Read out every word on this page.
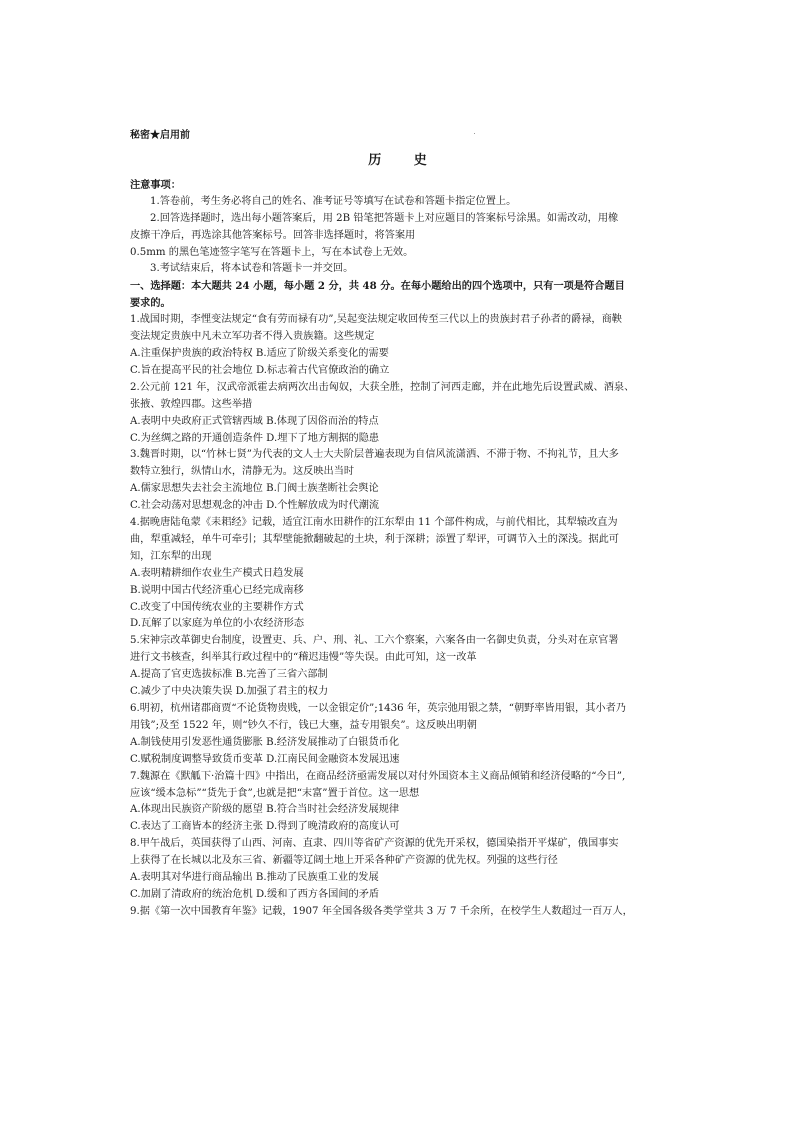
秘密★启用前
历 史
注意事项：
1.答卷前，考生务必将自己的姓名、准考证号等填写在试卷和答题卡指定位置上。
2.回答选择题时，选出每小题答案后，用 2B 铅笔把答题卡上对应题目的答案标号涂黑。如需改动，用橡
皮擦干净后，再选涂其他答案标号。回答非选择题时，将答案用
0.5mm 的黑色笔迹签字笔写在答题卡上，写在本试卷上无效。
3.考试结束后，将本试卷和答题卡一并交回。
一、选择题：本大题共 24 小题，每小题 2 分，共 48 分。在每小题给出的四个选项中，只有一项是符合题目
要求的。
1.战国时期，李悝变法规定“食有劳而禄有功”,吴起变法规定收回传至三代以上的贵族封君子孙者的爵禄，商鞅
变法规定贵族中凡未立军功者不得入贵族籍。这些规定
A.注重保护贵族的政治特权 B.适应了阶级关系变化的需要
C.旨在提高平民的社会地位 D.标志着古代官僚政治的确立
2.公元前 121 年，汉武帝派霍去病两次出击匈奴，大获全胜，控制了河西走廊，并在此地先后设置武威、酒泉、
张掖、敦煌四郡。这些举措
A.表明中央政府正式管辖西域 B.体现了因俗而治的特点
C.为丝绸之路的开通创造条件 D.埋下了地方割据的隐患
3.魏晋时期，以“竹林七贤”为代表的文人士大夫阶层普遍表现为自信风流潇洒、不滞于物、不拘礼节，且大多
数特立独行，纵情山水，清静无为。这反映出当时
A.儒家思想失去社会主流地位 B.门阀士族垄断社会舆论
C.社会动荡对思想观念的冲击 D.个性解放成为时代潮流
4.据晚唐陆龟蒙《耒耜经》记载，适宜江南水田耕作的江东犁由 11 个部件构成，与前代相比，其犁辕改直为
曲，犁重减轻，单牛可牵引；其犁壁能掀翻破起的土块，利于深耕；添置了犁评，可调节入土的深浅。据此可
知，江东犁的出现
A.表明精耕细作农业生产模式日趋发展
B.说明中国古代经济重心已经完成南移
C.改变了中国传统农业的主要耕作方式
D.瓦解了以家庭为单位的小农经济形态
5.宋神宗改革御史台制度，设置吏、兵、户、刑、礼、工六个察案，六案各由一名御史负责，分头对在京官署
进行文书核查，纠举其行政过程中的“稽迟违慢”等失误。由此可知，这一改革
A.提高了官吏选拔标准 B.完善了三省六部制
C.减少了中央决策失误 D.加强了君主的权力
6.明初，杭州诸郡商贾“不论货物贵贱，一以金银定价”;1436 年，英宗弛用银之禁，“朝野率皆用银，其小者乃
用钱”;及至 1522 年，则“钞久不行，钱已大壅，益专用银矣”。这反映出明朝
A.制钱使用引发恶性通货膨胀 B.经济发展推动了白银货币化
C.赋税制度调整导致货币变革 D.江南民间金融资本发展迅速
7.魏源在《默觚下·治篇十四》中指出，在商品经济亟需发展以对付外国资本主义商品倾销和经济侵略的“今日”,
应该“缓本急标”“货先于食”,也就是把“末富”置于首位。这一思想
A.体现出民族资产阶级的愿望 B.符合当时社会经济发展规律
C.表达了工商皆本的经济主张 D.得到了晚清政府的高度认可
8.甲午战后，英国获得了山西、河南、直隶、四川等省矿产资源的优先开采权，德国染指开平煤矿，俄国事实
上获得了在长城以北及东三省、新疆等辽阔土地上开采各种矿产资源的优先权。列强的这些行径
A.表明其对华进行商品输出 B.推动了民族重工业的发展
C.加剧了清政府的统治危机 D.缓和了西方各国间的矛盾
9.据《第一次中国教育年鉴》记载，1907 年全国各级各类学堂共 3 万 7 千余所，在校学生人数超过一百万人，
